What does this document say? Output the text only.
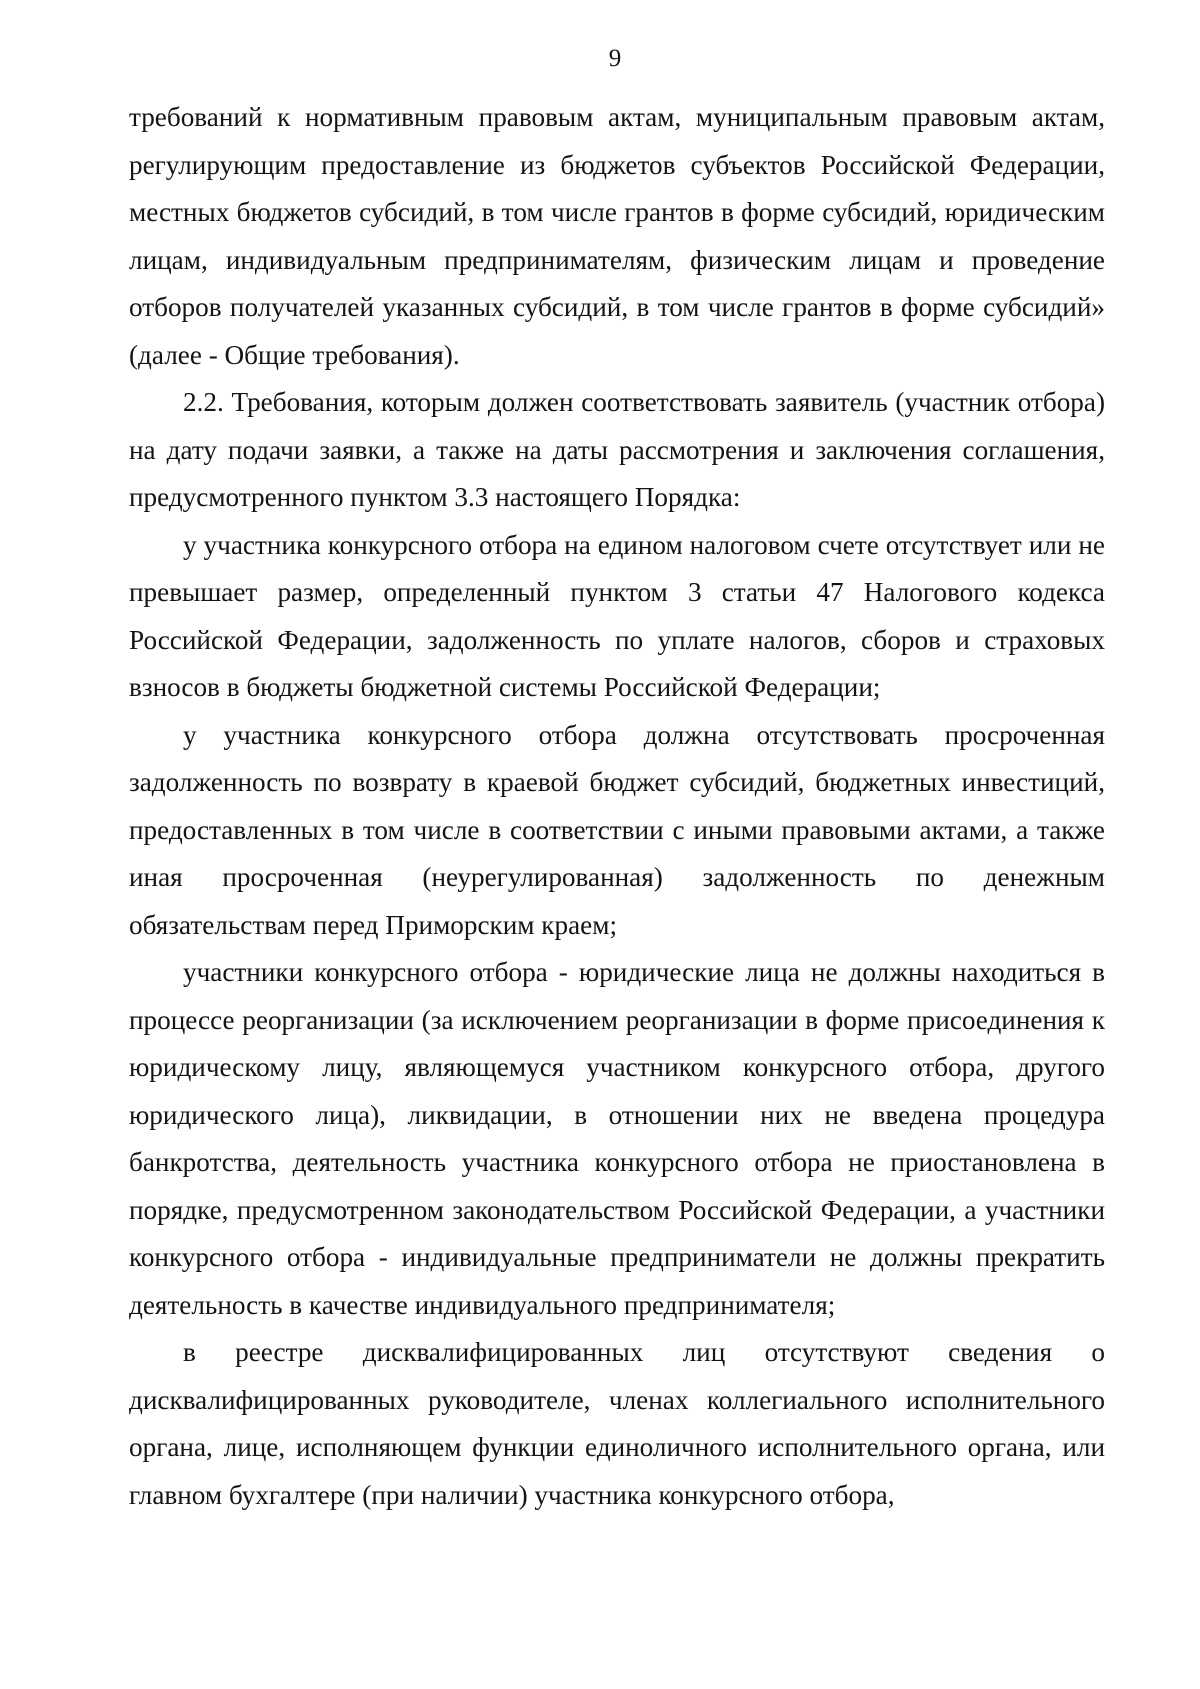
9

требований к нормативным правовым актам, муниципальным правовым актам, регулирующим предоставление из бюджетов субъектов Российской Федерации, местных бюджетов субсидий, в том числе грантов в форме субсидий, юридическим лицам, индивидуальным предпринимателям, физическим лицам и проведение отборов получателей указанных субсидий, в том числе грантов в форме субсидий» (далее - Общие требования).

2.2. Требования, которым должен соответствовать заявитель (участник отбора) на дату подачи заявки, а также на даты рассмотрения и заключения соглашения, предусмотренного пунктом 3.3 настоящего Порядка:

у участника конкурсного отбора на едином налоговом счете отсутствует или не превышает размер, определенный пунктом 3 статьи 47 Налогового кодекса Российской Федерации, задолженность по уплате налогов, сборов и страховых взносов в бюджеты бюджетной системы Российской Федерации;

у участника конкурсного отбора должна отсутствовать просроченная задолженность по возврату в краевой бюджет субсидий, бюджетных инвестиций, предоставленных в том числе в соответствии с иными правовыми актами, а также иная просроченная (неурегулированная) задолженность по денежным обязательствам перед Приморским краем;

участники конкурсного отбора - юридические лица не должны находиться в процессе реорганизации (за исключением реорганизации в форме присоединения к юридическому лицу, являющемуся участником конкурсного отбора, другого юридического лица), ликвидации, в отношении них не введена процедура банкротства, деятельность участника конкурсного отбора не приостановлена в порядке, предусмотренном законодательством Российской Федерации, а участники конкурсного отбора - индивидуальные предприниматели не должны прекратить деятельность в качестве индивидуального предпринимателя;

в реестре дисквалифицированных лиц отсутствуют сведения о дисквалифицированных руководителе, членах коллегиального исполнительного органа, лице, исполняющем функции единоличного исполнительного органа, или главном бухгалтере (при наличии) участника конкурсного отбора,
